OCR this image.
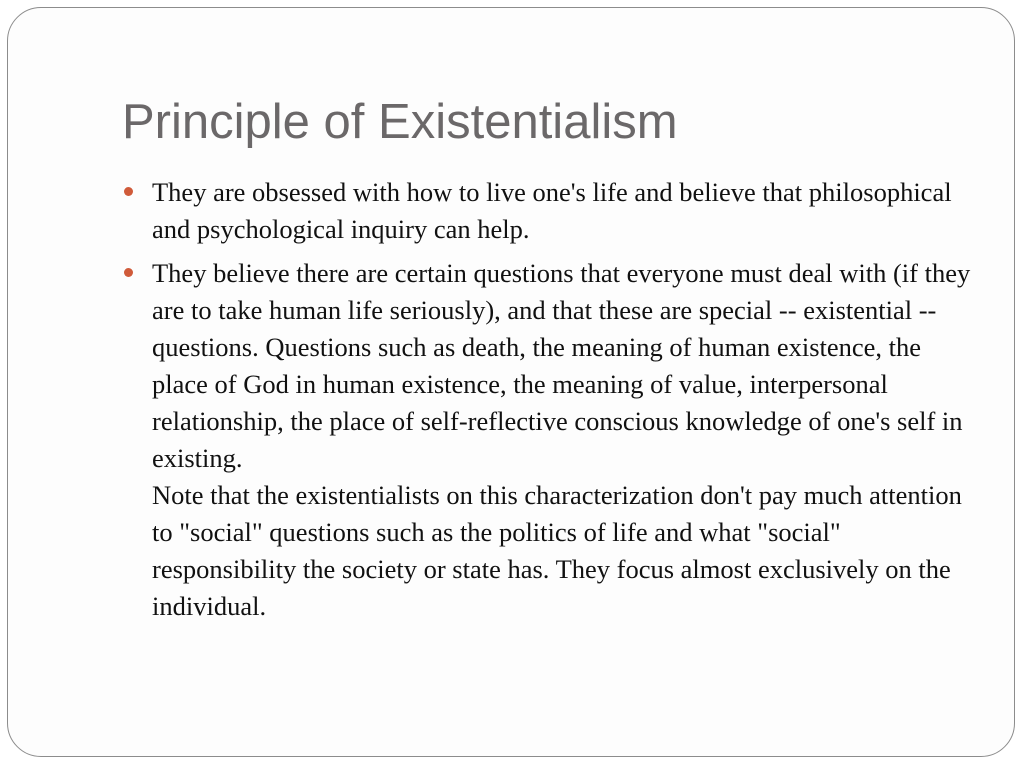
Principle of Existentialism

They are obsessed with how to live one's life and believe that philosophical and psychological inquiry can help.

They believe there are certain questions that everyone must deal with (if they are to take human life seriously), and that these are special -- existential -- questions. Questions such as death, the meaning of human existence, the place of God in human existence, the meaning of value, interpersonal relationship, the place of self-reflective conscious knowledge of one's self in existing.

Note that the existentialists on this characterization don't pay much attention to "social" questions such as the politics of life and what "social" responsibility the society or state has. They focus almost exclusively on the individual.
